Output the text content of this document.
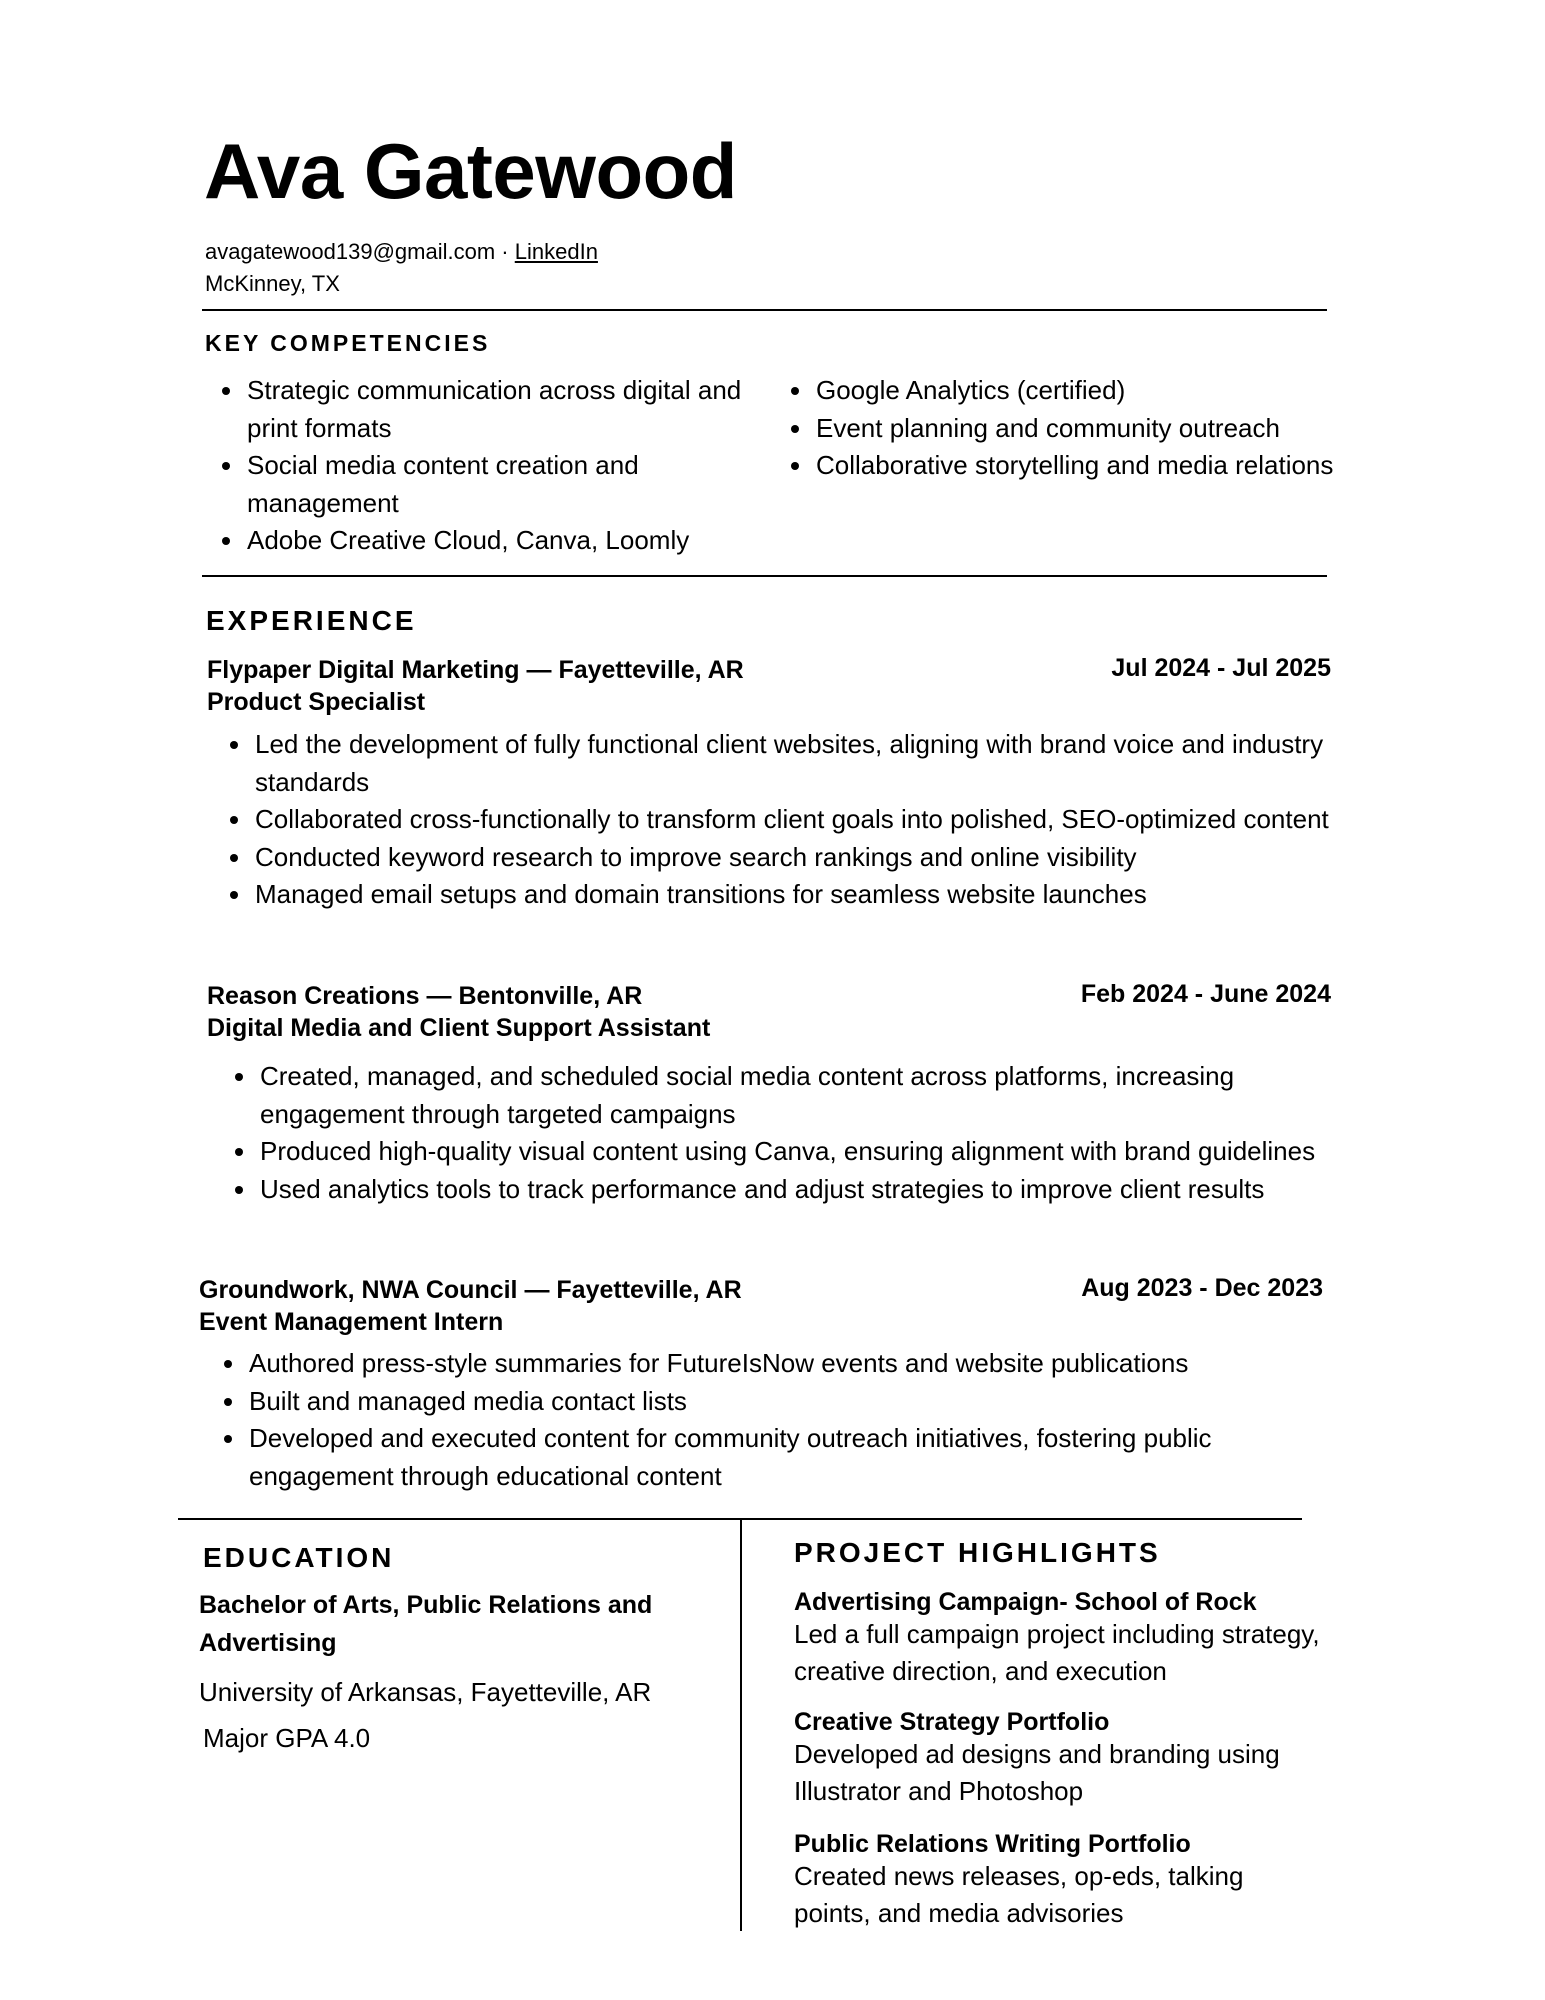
Ava Gatewood
avagatewood139@gmail.com · LinkedIn
McKinney, TX
KEY COMPETENCIES
• Strategic communication across digital and print formats
• Social media content creation and management
• Adobe Creative Cloud, Canva, Loomly
• Google Analytics (certified)
• Event planning and community outreach
• Collaborative storytelling and media relations
EXPERIENCE
Flypaper Digital Marketing — Fayetteville, AR	Jul 2024 - Jul 2025
Product Specialist
• Led the development of fully functional client websites, aligning with brand voice and industry standards
• Collaborated cross-functionally to transform client goals into polished, SEO-optimized content
• Conducted keyword research to improve search rankings and online visibility
• Managed email setups and domain transitions for seamless website launches
Reason Creations — Bentonville, AR	Feb 2024 - June 2024
Digital Media and Client Support Assistant
• Created, managed, and scheduled social media content across platforms, increasing engagement through targeted campaigns
• Produced high-quality visual content using Canva, ensuring alignment with brand guidelines
• Used analytics tools to track performance and adjust strategies to improve client results
Groundwork, NWA Council — Fayetteville, AR	Aug 2023 - Dec 2023
Event Management Intern
• Authored press-style summaries for FutureIsNow events and website publications
• Built and managed media contact lists
• Developed and executed content for community outreach initiatives, fostering public engagement through educational content
EDUCATION
Bachelor of Arts, Public Relations and Advertising
University of Arkansas, Fayetteville, AR
Major GPA 4.0
PROJECT HIGHLIGHTS
Advertising Campaign- School of Rock
Led a full campaign project including strategy, creative direction, and execution
Creative Strategy Portfolio
Developed ad designs and branding using Illustrator and Photoshop
Public Relations Writing Portfolio
Created news releases, op-eds, talking points, and media advisories
